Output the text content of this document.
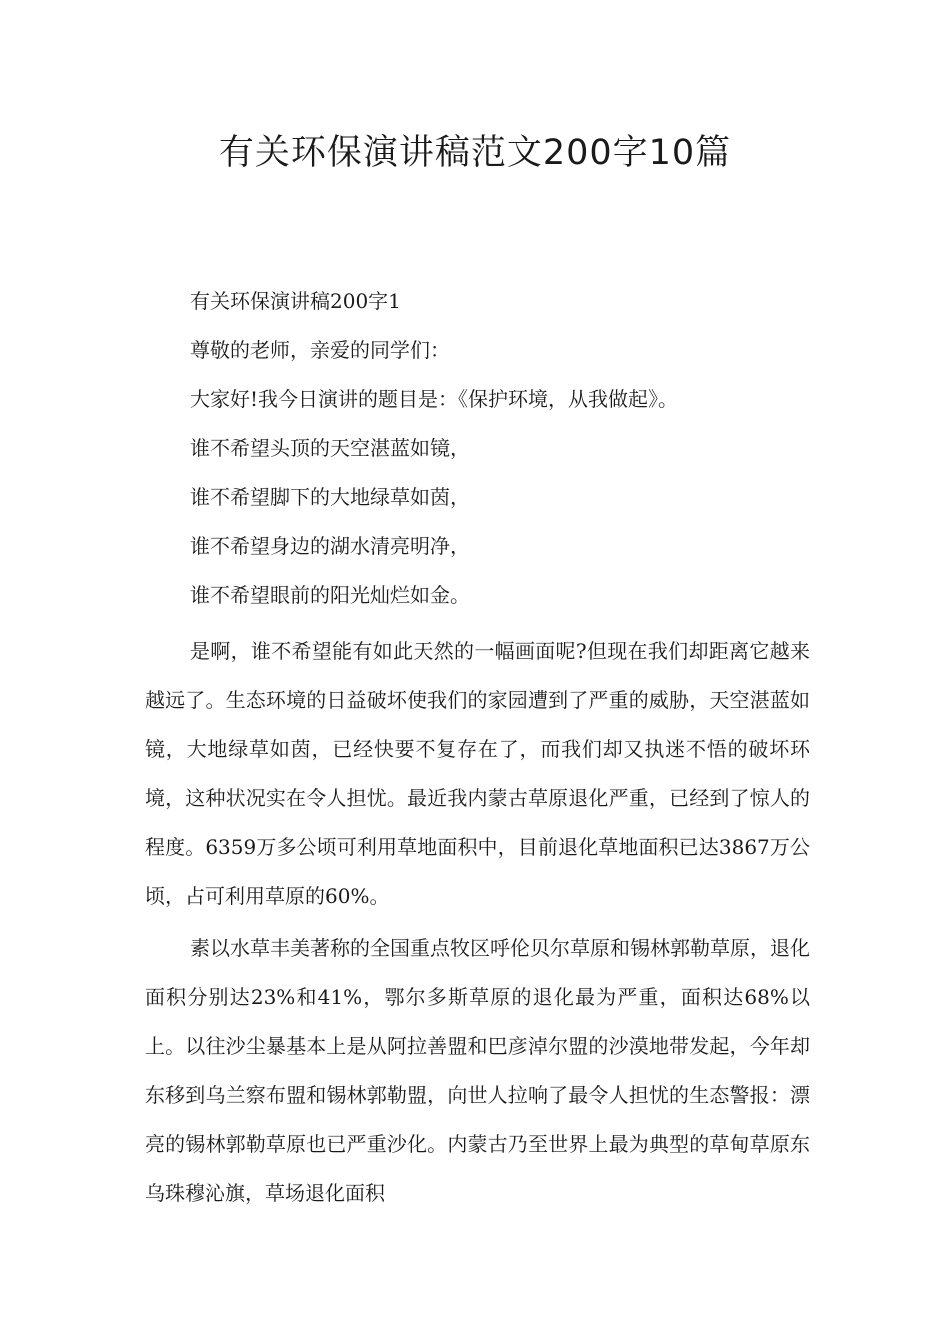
有关环保演讲稿范文200字10篇
有关环保演讲稿200字1
尊敬的老师，亲爱的同学们：
大家好!我今日演讲的题目是：《保护环境，从我做起》。
谁不希望头顶的天空湛蓝如镜，
谁不希望脚下的大地绿草如茵，
谁不希望身边的湖水清亮明净，
谁不希望眼前的阳光灿烂如金。

是啊，谁不希望能有如此天然的一幅画面呢?但现在我们却距离它越来越远了。生态环境的日益破坏使我们的家园遭到了严重的威胁，天空湛蓝如镜，大地绿草如茵，已经快要不复存在了，而我们却又执迷不悟的破坏环境，这种状况实在令人担忧。最近我内蒙古草原退化严重，已经到了惊人的程度。6359万多公顷可利用草地面积中，目前退化草地面积已达3867万公顷，占可利用草原的60%。

素以水草丰美著称的全国重点牧区呼伦贝尔草原和锡林郭勒草原，退化面积分别达23%和41%，鄂尔多斯草原的退化最为严重，面积达68%以上。以往沙尘暴基本上是从阿拉善盟和巴彦淖尔盟的沙漠地带发起，今年却东移到乌兰察布盟和锡林郭勒盟，向世人拉响了最令人担忧的生态警报：漂亮的锡林郭勒草原也已严重沙化。内蒙古乃至世界上最为典型的草甸草原东乌珠穆沁旗，草场退化面积
